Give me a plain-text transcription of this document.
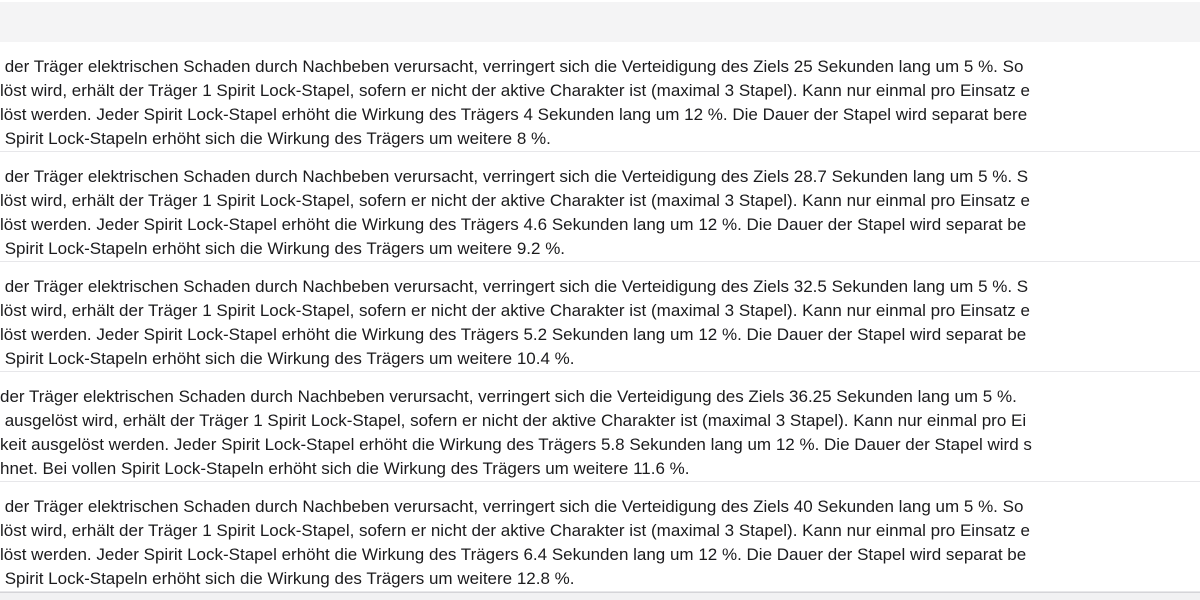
der Träger elektrischen Schaden durch Nachbeben verursacht, verringert sich die Verteidigung des Ziels 25 Sekunden lang um 5 %. So
löst wird, erhält der Träger 1 Spirit Lock-Stapel, sofern er nicht der aktive Charakter ist (maximal 3 Stapel). Kann nur einmal pro Einsatz e
löst werden. Jeder Spirit Lock-Stapel erhöht die Wirkung des Trägers 4 Sekunden lang um 12 %. Die Dauer der Stapel wird separat bere
Spirit Lock-Stapeln erhöht sich die Wirkung des Trägers um weitere 8 %.
der Träger elektrischen Schaden durch Nachbeben verursacht, verringert sich die Verteidigung des Ziels 28.7 Sekunden lang um 5 %. S
löst wird, erhält der Träger 1 Spirit Lock-Stapel, sofern er nicht der aktive Charakter ist (maximal 3 Stapel). Kann nur einmal pro Einsatz e
löst werden. Jeder Spirit Lock-Stapel erhöht die Wirkung des Trägers 4.6 Sekunden lang um 12 %. Die Dauer der Stapel wird separat be
Spirit Lock-Stapeln erhöht sich die Wirkung des Trägers um weitere 9.2 %.
der Träger elektrischen Schaden durch Nachbeben verursacht, verringert sich die Verteidigung des Ziels 32.5 Sekunden lang um 5 %. S
löst wird, erhält der Träger 1 Spirit Lock-Stapel, sofern er nicht der aktive Charakter ist (maximal 3 Stapel). Kann nur einmal pro Einsatz e
löst werden. Jeder Spirit Lock-Stapel erhöht die Wirkung des Trägers 5.2 Sekunden lang um 12 %. Die Dauer der Stapel wird separat be
Spirit Lock-Stapeln erhöht sich die Wirkung des Trägers um weitere 10.4 %.
der Träger elektrischen Schaden durch Nachbeben verursacht, verringert sich die Verteidigung des Ziels 36.25 Sekunden lang um 5 %.
ausgelöst wird, erhält der Träger 1 Spirit Lock-Stapel, sofern er nicht der aktive Charakter ist (maximal 3 Stapel). Kann nur einmal pro Ei
keit ausgelöst werden. Jeder Spirit Lock-Stapel erhöht die Wirkung des Trägers 5.8 Sekunden lang um 12 %. Die Dauer der Stapel wird s
hnet. Bei vollen Spirit Lock-Stapeln erhöht sich die Wirkung des Trägers um weitere 11.6 %.
der Träger elektrischen Schaden durch Nachbeben verursacht, verringert sich die Verteidigung des Ziels 40 Sekunden lang um 5 %. So
löst wird, erhält der Träger 1 Spirit Lock-Stapel, sofern er nicht der aktive Charakter ist (maximal 3 Stapel). Kann nur einmal pro Einsatz e
löst werden. Jeder Spirit Lock-Stapel erhöht die Wirkung des Trägers 6.4 Sekunden lang um 12 %. Die Dauer der Stapel wird separat be
Spirit Lock-Stapeln erhöht sich die Wirkung des Trägers um weitere 12.8 %.
